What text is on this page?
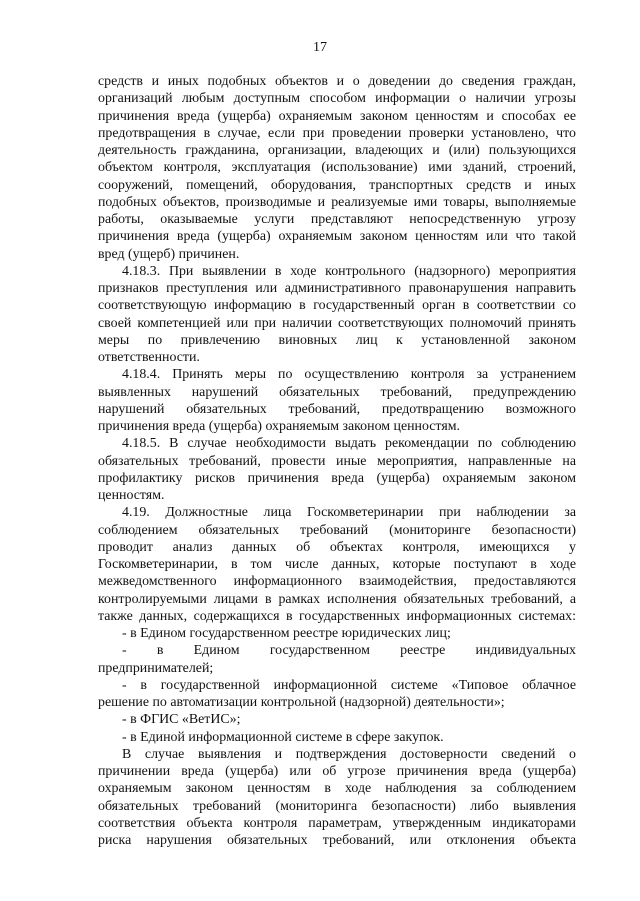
17
средств и иных подобных объектов и о доведении до сведения граждан,
организаций любым доступным способом информации о наличии угрозы
причинения вреда (ущерба) охраняемым законом ценностям и способах ее
предотвращения в случае, если при проведении проверки установлено, что
деятельность гражданина, организации, владеющих и (или) пользующихся
объектом контроля, эксплуатация (использование) ими зданий, строений,
сооружений, помещений, оборудования, транспортных средств и иных
подобных объектов, производимые и реализуемые ими товары, выполняемые
работы, оказываемые услуги представляют непосредственную угрозу
причинения вреда (ущерба) охраняемым законом ценностям или что такой
вред (ущерб) причинен.
4.18.3. При выявлении в ходе контрольного (надзорного) мероприятия
признаков преступления или административного правонарушения направить
соответствующую информацию в государственный орган в соответствии со
своей компетенцией или при наличии соответствующих полномочий принять
меры по привлечению виновных лиц к установленной законом
ответственности.
4.18.4. Принять меры по осуществлению контроля за устранением
выявленных нарушений обязательных требований, предупреждению
нарушений обязательных требований, предотвращению возможного
причинения вреда (ущерба) охраняемым законом ценностям.
4.18.5. В случае необходимости выдать рекомендации по соблюдению
обязательных требований, провести иные мероприятия, направленные на
профилактику рисков причинения вреда (ущерба) охраняемым законом
ценностям.
4.19. Должностные лица Госкомветеринарии при наблюдении за
соблюдением обязательных требований (мониторинге безопасности)
проводит анализ данных об объектах контроля, имеющихся у
Госкомветеринарии, в том числе данных, которые поступают в ходе
межведомственного информационного взаимодействия, предоставляются
контролируемыми лицами в рамках исполнения обязательных требований, а
также данных, содержащихся в государственных информационных системах:
- в Едином государственном реестре юридических лиц;
- в Едином государственном реестре индивидуальных
предпринимателей;
- в государственной информационной системе «Типовое облачное
решение по автоматизации контрольной (надзорной) деятельности»;
- в ФГИС «ВетИС»;
- в Единой информационной системе в сфере закупок.
В случае выявления и подтверждения достоверности сведений о
причинении вреда (ущерба) или об угрозе причинения вреда (ущерба)
охраняемым законом ценностям в ходе наблюдения за соблюдением
обязательных требований (мониторинга безопасности) либо выявления
соответствия объекта контроля параметрам, утвержденным индикаторами
риска нарушения обязательных требований, или отклонения объекта
